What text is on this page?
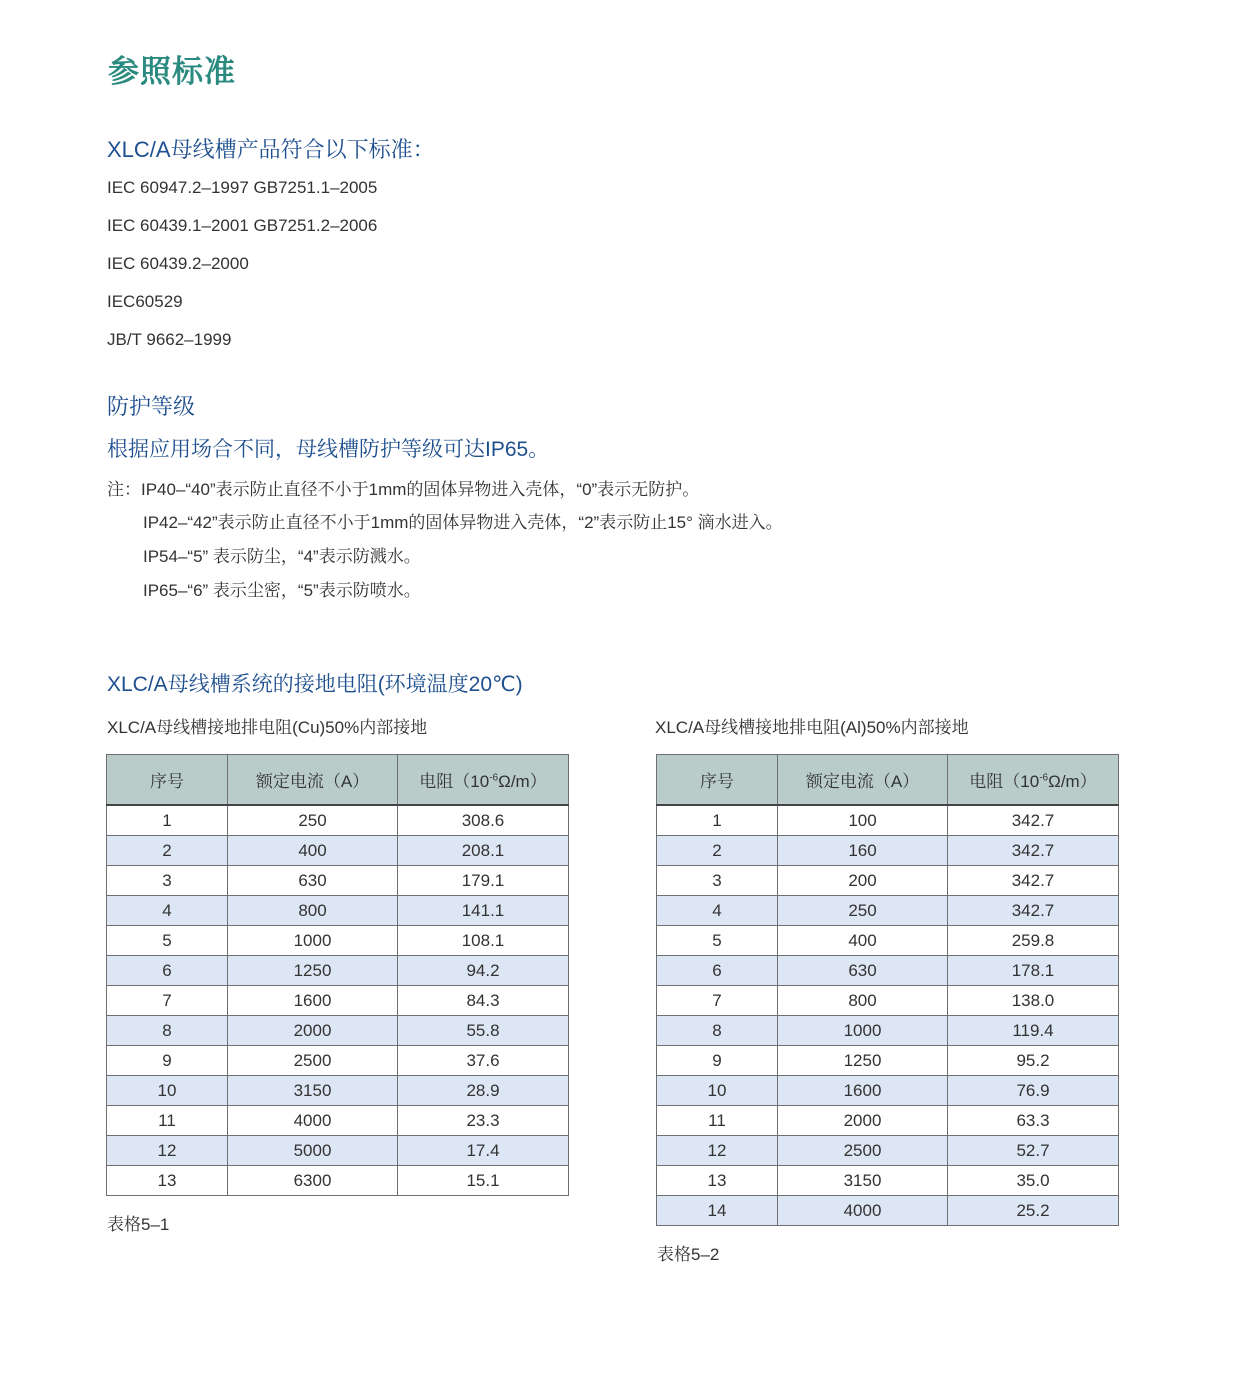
参照标准
XLC/A母线槽产品符合以下标准：
IEC 60947.2–1997 GB7251.1–2005
IEC 60439.1–2001 GB7251.2–2006
IEC 60439.2–2000
IEC60529
JB/T 9662–1999
防护等级
根据应用场合不同，母线槽防护等级可达IP65。
注：IP40–“40”表示防止直径不小于1mm的固体异物进入壳体，“0”表示无防护。
IP42–“42”表示防止直径不小于1mm的固体异物进入壳体，“2”表示防止15° 滴水进入。
IP54–“5” 表示防尘，“4”表示防溅水。
IP65–“6” 表示尘密，“5”表示防喷水。
XLC/A母线槽系统的接地电阻(环境温度20℃)
XLC/A母线槽接地排电阻(Cu)50%内部接地	XLC/A母线槽接地排电阻(Al)50%内部接地
序号	额定电流（A）	电阻$(10^{-6}\Omega/m)$
1	250	308.6
2	400	208.1
3	630	179.1
4	800	141.1
5	1000	108.1
6	1250	94.2
7	1600	84.3
8	2000	55.8
9	2500	37.6
10	3150	28.9
11	4000	23.3
12	5000	17.4
13	6300	15.1
序号	额定电流（A）	电阻$(10^{-6}\Omega/m)$
1	100	342.7
2	160	342.7
3	200	342.7
4	250	342.7
5	400	259.8
6	630	178.1
7	800	138.0
8	1000	119.4
9	1250	95.2
10	1600	76.9
11	2000	63.3
12	2500	52.7
13	3150	35.0
14	4000	25.2
表格5–1
表格5–2
